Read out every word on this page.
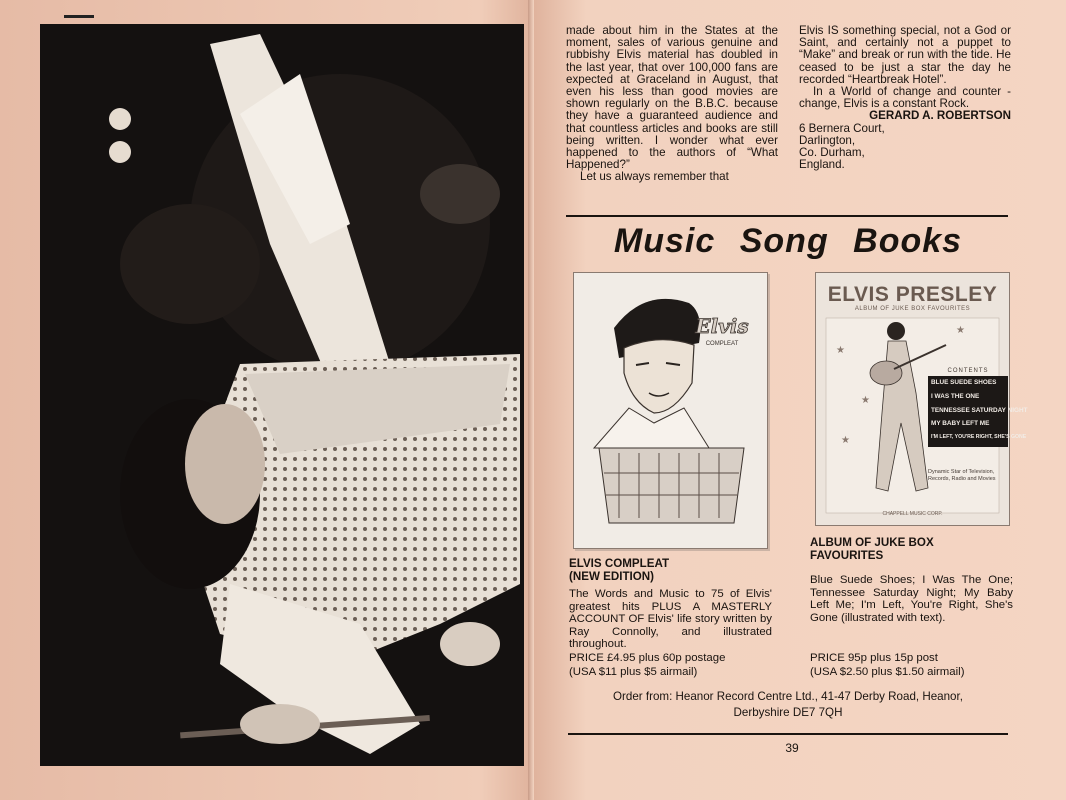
made about him in the States at the moment, sales of various genuine and rubbishy Elvis material has doubled in the last year, that over 100,000 fans are expected at Graceland in August, that even his less than good movies are shown regularly on the B.B.C. because they have a guaranteed audience and that countless articles and books are still being written. I wonder what ever happened to the authors of “What Happened?”

Let us always remember that

Elvis IS something special, not a God or Saint, and certainly not a puppet to “Make” and break or run with the tide. He ceased to be just a star the day he recorded “Heartbreak Hotel”.

In a World of change and counter - change, Elvis is a constant Rock.

GERARD A. ROBERTSON

6 Bernera Court,

Darlington,

Co. Durham,

England.

Music Song Books
Elvis
COMPLEAT
★
★
★
★
ELVIS PRESLEY
ALBUM OF JUKE BOX FAVOURITES
CONTENTS
BLUE SUEDE SHOES
I WAS THE ONE
TENNESSEE SATURDAY NIGHT
MY BABY LEFT ME
I'M LEFT, YOU'RE RIGHT, SHE'S GONE
Dynamic Star of Television, Records, Radio and Movies
CHAPPELL MUSIC CORP.
ELVIS COMPLEAT
(NEW EDITION)
The Words and Music to 75 of Elvis' greatest hits PLUS A MASTERLY ACCOUNT OF Elvis' life story written by Ray Connolly, and illustrated throughout.
PRICE £4.95 plus 60p postage
(USA $11 plus $5 airmail)
ALBUM OF JUKE BOX
FAVOURITES
Blue Suede Shoes; I Was The One; Tennessee Saturday Night; My Baby Left Me; I'm Left, You're Right, She's Gone (illustrated with text).
PRICE 95p plus 15p post
(USA $2.50 plus $1.50 airmail)
Order from: Heanor Record Centre Ltd., 41-47 Derby Road, Heanor,
Derbyshire DE7 7QH
39
